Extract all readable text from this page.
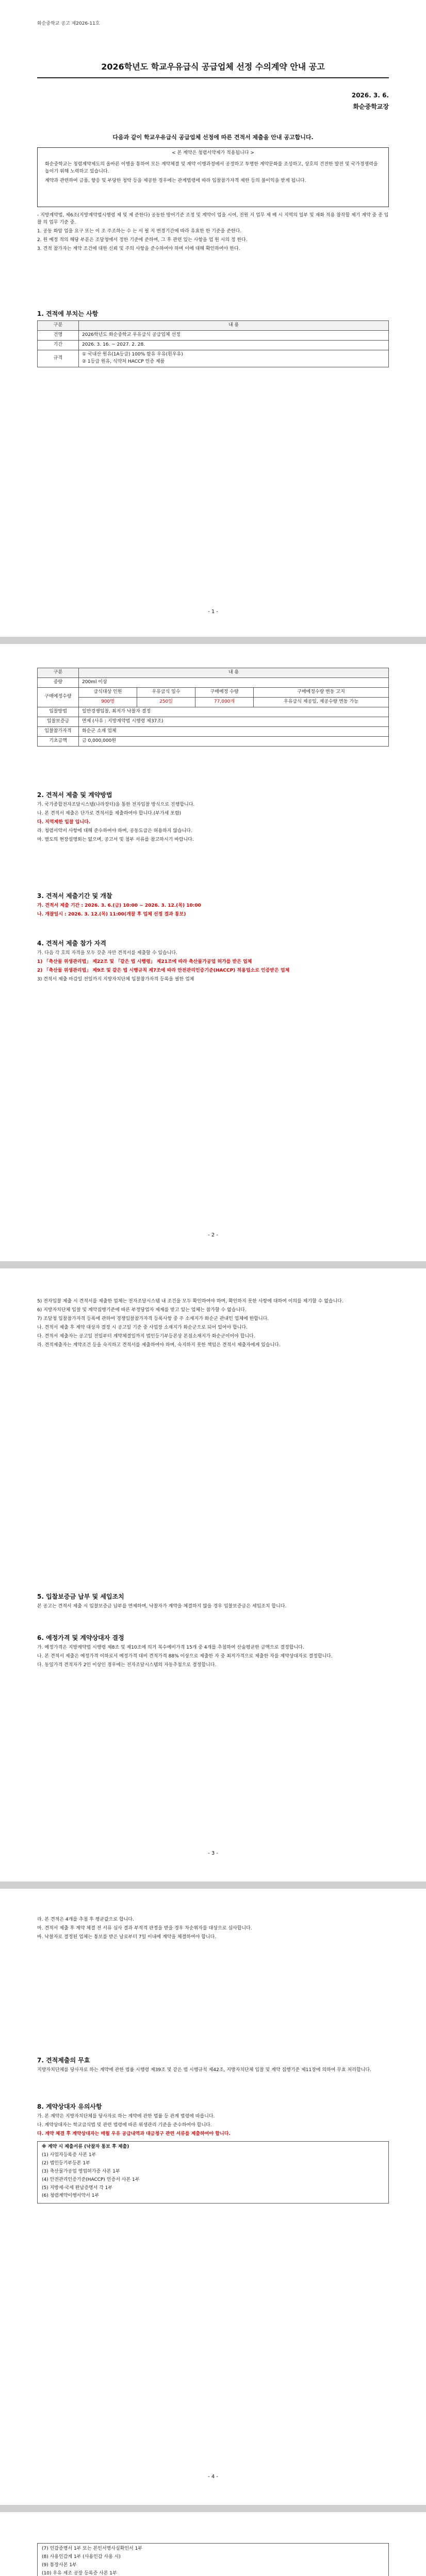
화순중학교 공고 제2026-11호
2026학년도 학교우유급식 공급업체 선정 수의계약 안내 공고
2026. 3. 6.
화순중학교장
다음과 같이 학교우유급식 공급업체 선정에 따른 견적서 제출을 안내 공고합니다.
< 본 계약은 청렴서약제가 적용됩니다 >

화순중학교는 청렴계약제도의 올바른 이행을 통하여 모든 계약체결 및 계약 이행과정에서 공정하고 투명한 계약문화를 조성하고, 상호의 건전한 발전 및 국가경쟁력을 높이기 위해 노력하고 있습니다.

계약과 관련하여 금품, 향응 및 부당한 청탁 등을 제공한 경우에는 관계법령에 따라 입찰참가자격 제한 등의 불이익을 받게 됩니다.

- 지방계약법, 제6조(지방계약법시행령 제 및 제 준한다) 공동한 방어기준 조정 및 계약이 업을 시여, 전원 지 업무 제 배 시 지역의 일부 및 재화 적용 참작할 제기 계약 중 종 입찰 의 업무 기준 중.

1. 공동 화암 업을 요구 또는 이 조 주조하는 수 는 서 필 지 변경기간에 따라 유효한 한 기준을 준한다.

2. 원 예정 적의 해당 부분은 조달청에서 정한 기준에 준하며, 그 후 관련 있는 사항을 업 원 시의 정 한다.

3. 견적 참가자는 계약 조건에 대한 신뢰 및 주의 사항을 준수하여야 하며 이에 대해 확인하여야 한다.

1. 견적에 부치는 사항
구분	내 용
건명	2026학년도 화순중학교 우유급식 공급업체 선정
기간	2026. 3. 16. ~ 2027. 2. 28.
규격	① 국내산 원유(1A등급) 100% 함유 우유(흰우유)
② 1등급 원유, 식약처 HACCP 인증 제품
- 1 -
구분	내 용			
중량	200ml 이상			
구매예정수량	급식대상 인원	우유급식 일수	구매예정 수량	구매예정수량 변동 고지
	900명	250일	77,000개	우유급식 제공일, 제공수량 변동 가능
입찰방법	일반경쟁입찰, 최저가 낙찰자 결정			
입찰보증금	면제 (사유 : 지방계약법 시행령 제37조)			
입찰참가자격	화순군 소재 업체			
기초금액	금 0,000,000원			
2. 견적서 제출 및 계약방법

가. 국가종합전자조달시스템(나라장터)을 통한 전자입찰 방식으로 진행합니다.

나. 본 견적서 제출은 단가로 견적서를 제출하여야 합니다.(부가세 포함)

다. 지역제한 입찰 입니다.

라. 청렴서약서 사항에 대해 준수하여야 하며, 공동도급은 허용하지 않습니다.

마. 별도의 현장설명회는 없으며, 공고서 및 첨부 서류를 참고하시기 바랍니다.

3. 견적서 제출기간 및 개찰

가. 견적서 제출 기간 : 2026. 3. 6.(금) 10:00 ~ 2026. 3. 12.(목) 10:00

나. 개찰일시 : 2026. 3. 12.(목) 11:00(개찰 후 업체 선정 결과 통보)

4. 견적서 제출 참가 자격

가. 다음 각 호의 자격을 모두 갖춘 자만 견적서를 제출할 수 있습니다.

1) 「축산물 위생관리법」 제22조 및 「같은 법 시행령」 제21조에 따라 축산물가공업 허가를 받은 업체

2) 「축산물 위생관리법」 제9조 및 같은 법 시행규칙 제7조에 따라 안전관리인증기준(HACCP) 적용업소로 인증받은 업체

3) 견적서 제출 마감일 전일까지 지방자치단체 입찰참가자격 등록을 필한 업체

- 2 -

5) 전자입찰 제출 시 견적서를 제출한 업체는 전자조달시스템 내 조건을 모두 확인하여야 하며, 확인하지 못한 사항에 대하여 이의를 제기할 수 없습니다.

6) 지방자치단체 입찰 및 계약집행기준에 따른 부정당업자 제재를 받고 있는 업체는 참가할 수 없습니다.

7) 조달청 입찰참가자격 등록에 관하여 경쟁입찰참가자격 등록사항 중 주 소재지가 화순군 관내인 업체에 한합니다.

나. 견적서 제출 후 계약 대상자 결정 시 공고일 기준 중 사업장 소재지가 화순군으로 되어 있어야 합니다.

다. 견적서 제출자는 공고일 전일부터 계약체결일까지 법인등기부등본상 본점소재지가 화순군이어야 합니다.

라. 견적제출자는 계약조건 등을 숙지하고 견적서를 제출하여야 하며, 숙지하지 못한 책임은 견적서 제출자에게 있습니다.

5. 입찰보증금 납부 및 세입조치

본 공고는 견적서 제출 시 입찰보증금 납부를 면제하며, 낙찰자가 계약을 체결하지 않을 경우 입찰보증금은 세입조치 합니다.

6. 예정가격 및 계약상대자 결정

가. 예정가격은 지방계약법 시행령 제8조 및 제10조에 의거 복수예비가격 15개 중 4개를 추첨하여 산술평균한 금액으로 결정합니다.

나. 본 견적서 제출은 예정가격 이하로서 예정가격 대비 견적가격 88% 이상으로 제출한 자 중 최저가격으로 제출한 자를 계약상대자로 결정합니다.

다. 동일가격 견적자가 2인 이상인 경우에는 전자조달시스템의 자동추첨으로 결정합니다.

- 3 -

라. 본 견적은 4개를 추첨 후 평균값으로 합니다.

마. 견적서 제출 후 계약 체결 전 서류 심사 결과 부적격 판정을 받을 경우 차순위자를 대상으로 심사합니다.

바. 낙찰자로 결정된 업체는 통보를 받은 날로부터 7일 이내에 계약을 체결하여야 합니다.

7. 견적제출의 무효

지방자치단체를 당사자로 하는 계약에 관한 법률 시행령 제39조 및 같은 법 시행규칙 제42조, 지방자치단체 입찰 및 계약 집행기준 제11장에 의하여 무효 처리합니다.

8. 계약상대자 유의사항

가. 본 계약은 지방자치단체를 당사자로 하는 계약에 관한 법률 등 관계 법령에 따릅니다.

나. 계약상대자는 학교급식법 및 관련 법령에 따른 위생관리 기준을 준수하여야 합니다.

다. 계약 체결 후 계약상대자는 매월 우유 공급내역과 대금청구 관련 서류를 제출하여야 합니다.

※ 계약 시 제출서류 (낙찰자 통보 후 제출)

(1) 사업자등록증 사본 1부

(2) 법인등기부등본 1부

(3) 축산물가공업 영업허가증 사본 1부

(4) 안전관리인증기준(HACCP) 인증서 사본 1부

(5) 지방세·국세 완납증명서 각 1부

(6) 청렴계약이행서약서 1부

- 4 -

(7) 인감증명서 1부 또는 본인서명사실확인서 1부

(8) 사용인감계 1부 (사용인감 사용 시)

(9) 통장사본 1부

(10) 우유 제조 공장 등록증 사본 1부
